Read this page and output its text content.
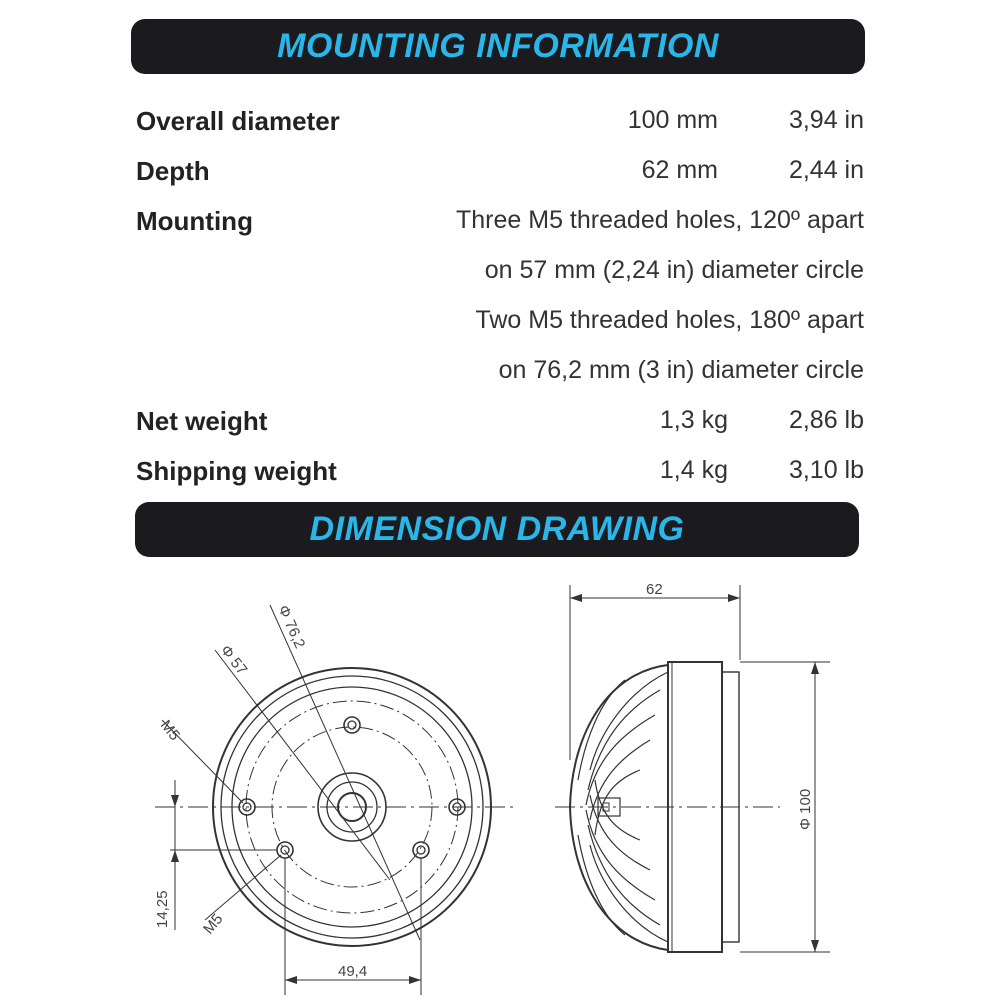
MOUNTING INFORMATION
Overall diameter	100 mm	3,94 in
Depth	62 mm	2,44 in
Mounting	Three M5 threaded holes, 120º apart
on 57 mm (2,24 in) diameter circle
Two M5 threaded holes, 180º apart
on 76,2 mm (3 in) diameter circle
Net weight	1,3 kg 2,86 lb
Shipping weight	1,4 kg 3,10 lb
DIMENSION DRAWING
Φ 76,2
Φ 57
M5
M5
14,25
49,4
62
Φ 100
